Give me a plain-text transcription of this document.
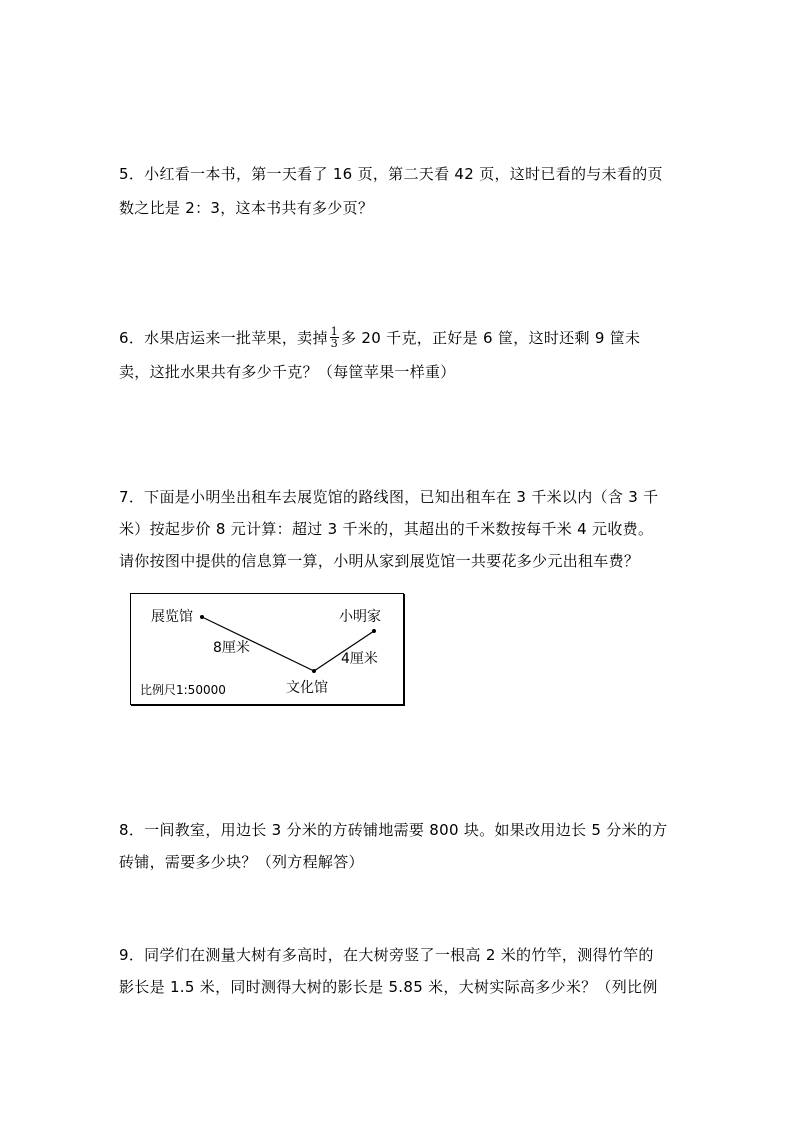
5．小红看一本书，第一天看了 16 页，第二天看 42 页，这时已看的与未看的页
数之比是 2：3，这本书共有多少页？
6．水果店运来一批苹果，卖掉 $\frac{1}{3}$ 多 20 千克，正好是 6 筐，这时还剩 9 筐未
卖，这批水果共有多少千克？（每筐苹果一样重）
7．下面是小明坐出租车去展览馆的路线图，已知出租车在 3 千米以内（含 3 千
米）按起步价 8 元计算：超过 3 千米的，其超出的千米数按每千米 4 元收费。
请你按图中提供的信息算一算，小明从家到展览馆一共要花多少元出租车费？
展览馆	小明家
8厘米
4厘米
文化馆
比例尺1:50000
8．一间教室，用边长 3 分米的方砖铺地需要 800 块。如果改用边长 5 分米的方
砖铺，需要多少块？（列方程解答）
9．同学们在测量大树有多高时，在大树旁竖了一根高 2 米的竹竿，测得竹竿的
影长是 1.5 米，同时测得大树的影长是 5.85 米，大树实际高多少米？（列比例
